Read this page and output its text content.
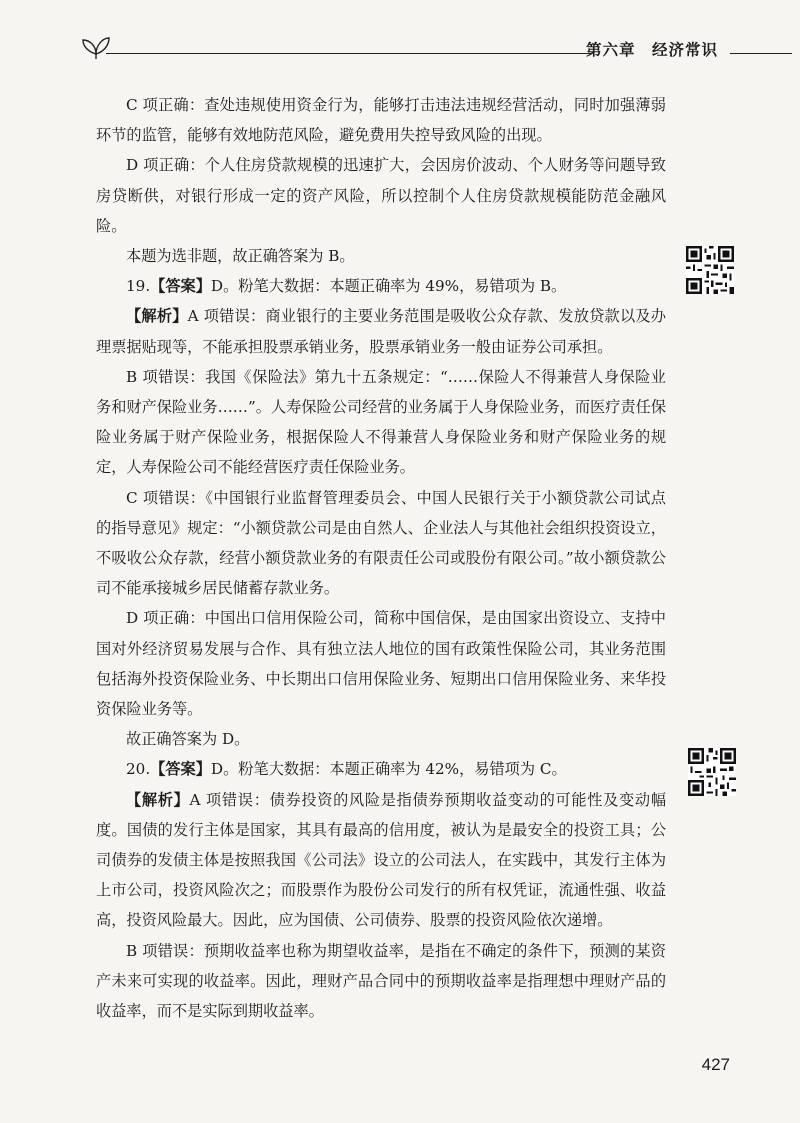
第六章　经济常识

C 项正确：查处违规使用资金行为，能够打击违法违规经营活动，同时加强薄弱环节的监管，能够有效地防范风险，避免费用失控导致风险的出现。

D 项正确：个人住房贷款规模的迅速扩大，会因房价波动、个人财务等问题导致房贷断供，对银行形成一定的资产风险，所以控制个人住房贷款规模能防范金融风险。

本题为选非题，故正确答案为 B。

19.【答案】D。粉笔大数据：本题正确率为 49%，易错项为 B。

【解析】A 项错误：商业银行的主要业务范围是吸收公众存款、发放贷款以及办理票据贴现等，不能承担股票承销业务，股票承销业务一般由证券公司承担。

B 项错误：我国《保险法》第九十五条规定：“……保险人不得兼营人身保险业务和财产保险业务……”。人寿保险公司经营的业务属于人身保险业务，而医疗责任保险业务属于财产保险业务，根据保险人不得兼营人身保险业务和财产保险业务的规定，人寿保险公司不能经营医疗责任保险业务。

C 项错误：《中国银行业监督管理委员会、中国人民银行关于小额贷款公司试点的指导意见》规定：“小额贷款公司是由自然人、企业法人与其他社会组织投资设立，不吸收公众存款，经营小额贷款业务的有限责任公司或股份有限公司。”故小额贷款公司不能承接城乡居民储蓄存款业务。

D 项正确：中国出口信用保险公司，简称中国信保，是由国家出资设立、支持中国对外经济贸易发展与合作、具有独立法人地位的国有政策性保险公司，其业务范围包括海外投资保险业务、中长期出口信用保险业务、短期出口信用保险业务、来华投资保险业务等。

故正确答案为 D。

20.【答案】D。粉笔大数据：本题正确率为 42%，易错项为 C。

【解析】A 项错误：债券投资的风险是指债券预期收益变动的可能性及变动幅度。国债的发行主体是国家，其具有最高的信用度，被认为是最安全的投资工具；公司债券的发债主体是按照我国《公司法》设立的公司法人，在实践中，其发行主体为上市公司，投资风险次之；而股票作为股份公司发行的所有权凭证，流通性强、收益高，投资风险最大。因此，应为国债、公司债券、股票的投资风险依次递增。

B 项错误：预期收益率也称为期望收益率，是指在不确定的条件下，预测的某资产未来可实现的收益率。因此，理财产品合同中的预期收益率是指理想中理财产品的收益率，而不是实际到期收益率。

427
